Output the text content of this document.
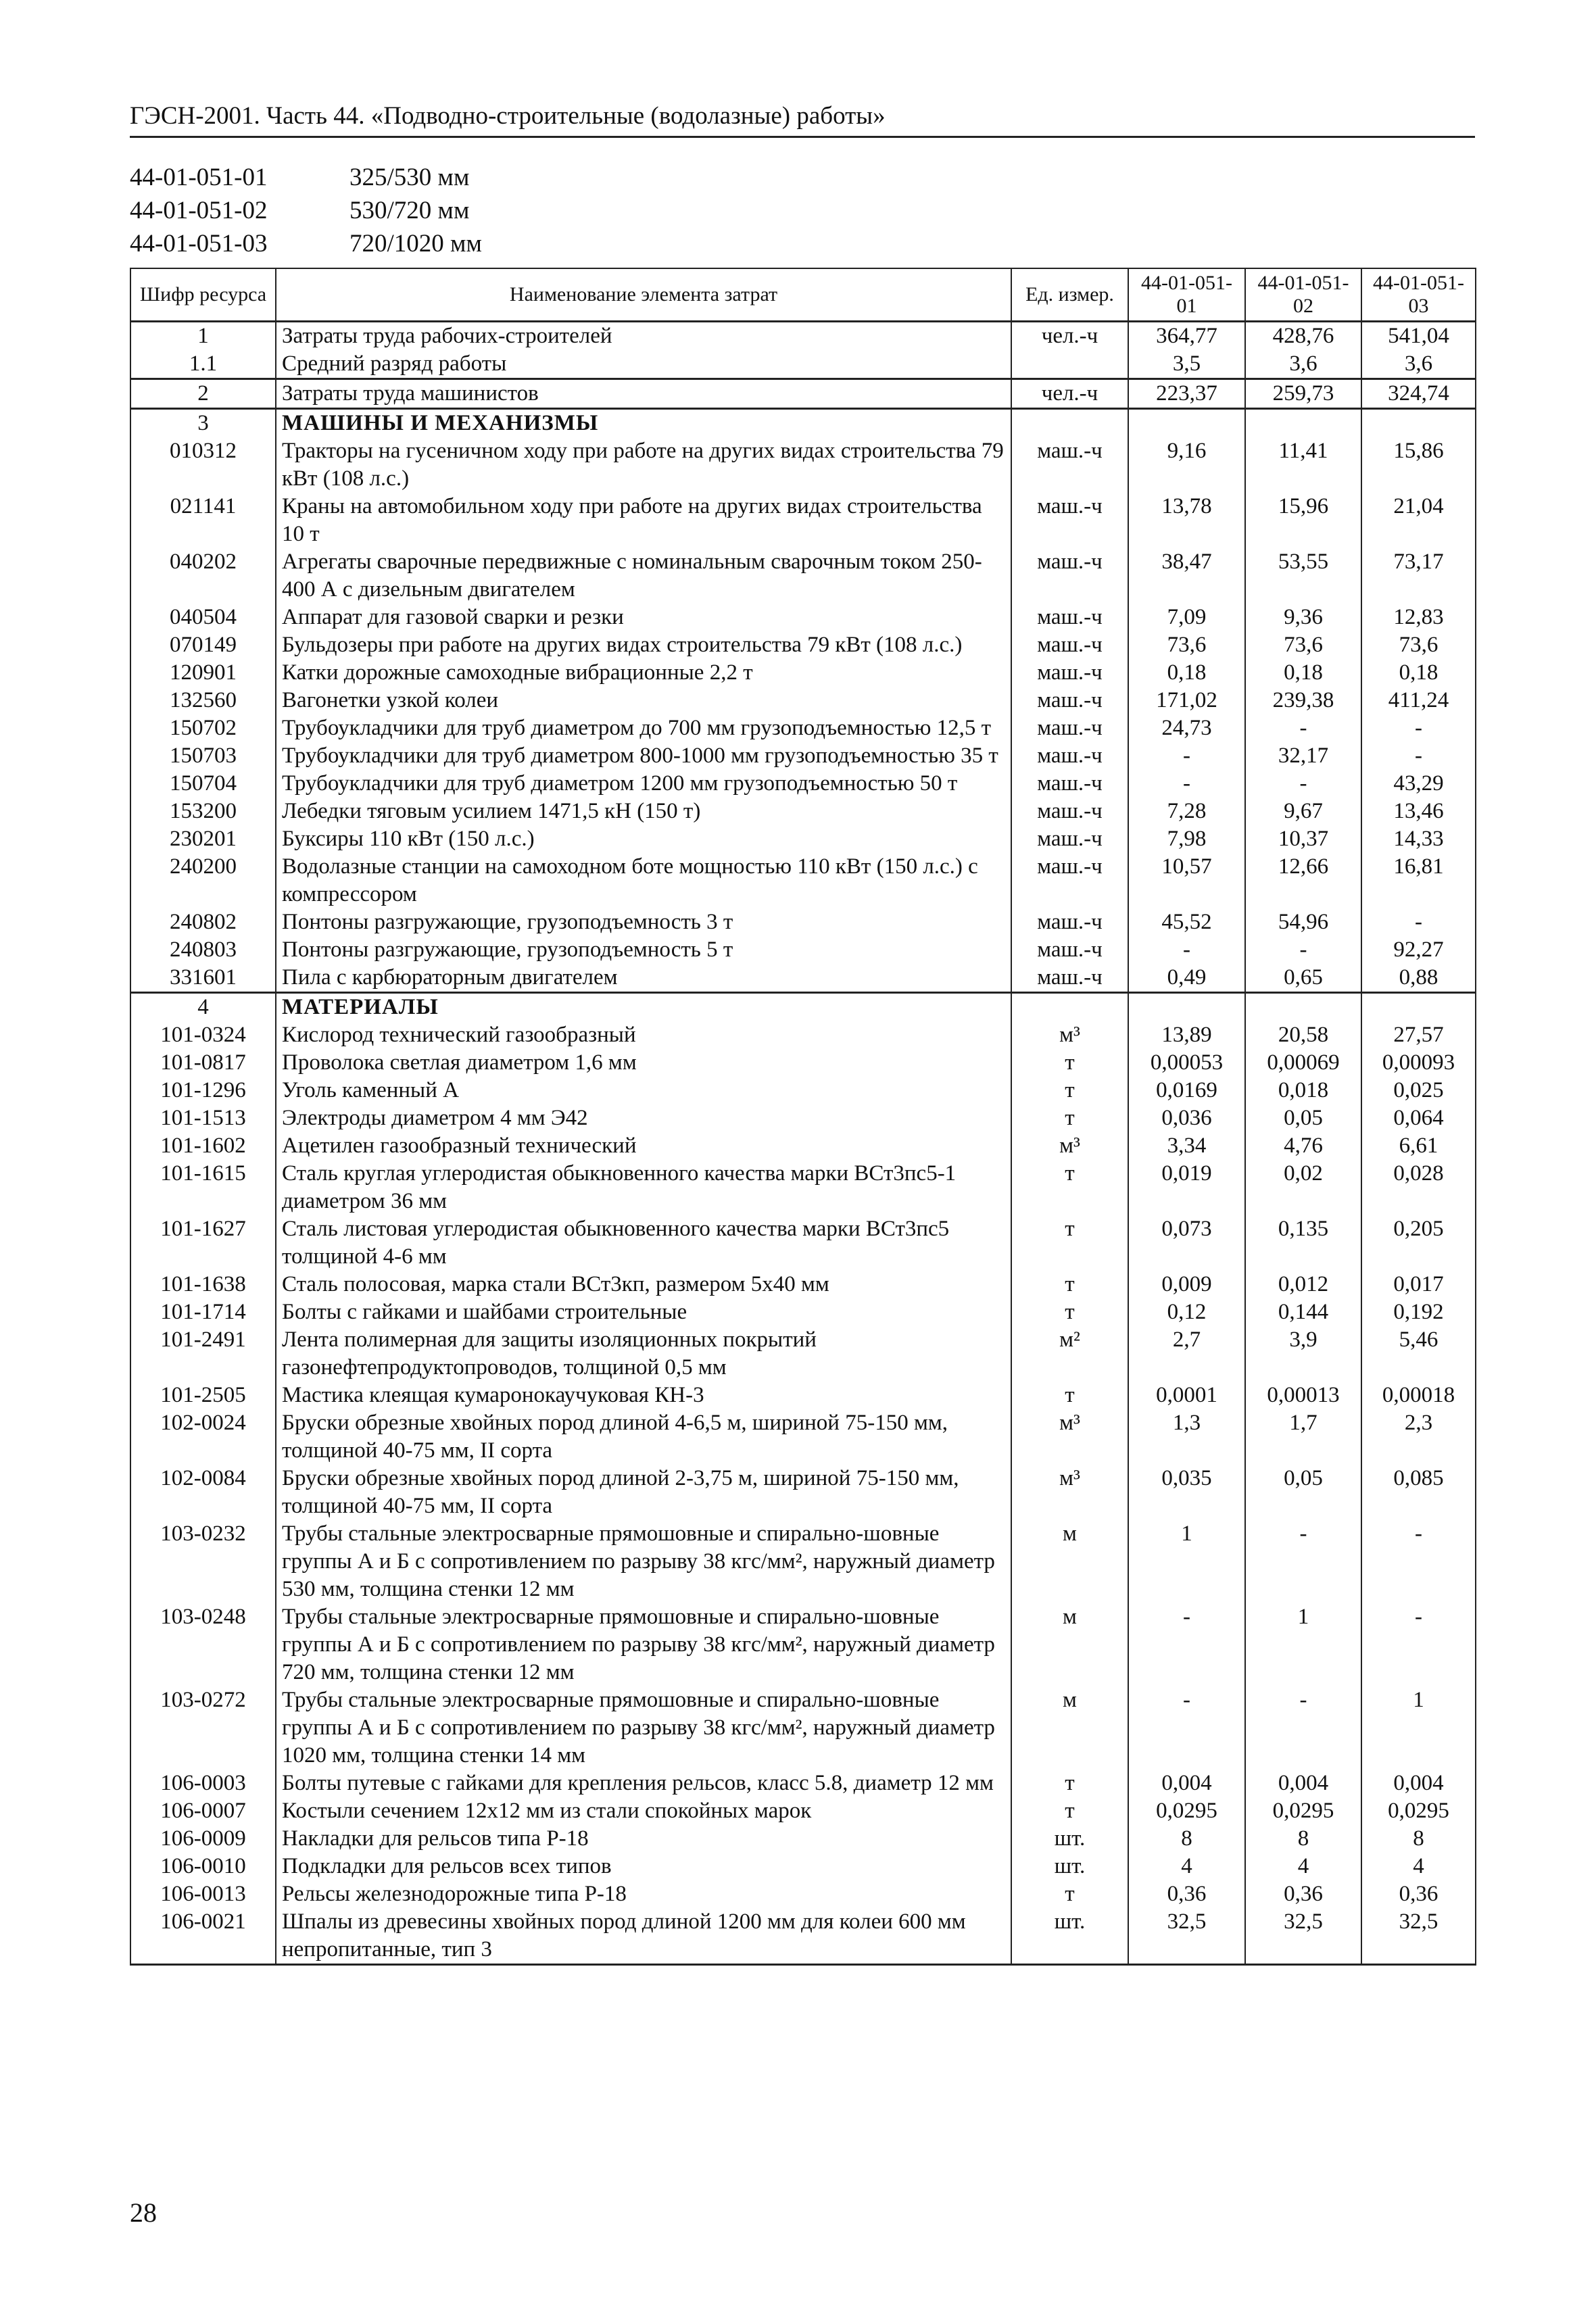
ГЭСН-2001. Часть 44. «Подводно-строительные (водолазные) работы»
44-01-051-01	325/530 мм
44-01-051-02	530/720 мм
44-01-051-03	720/1020 мм
Шифр ресурса	Наименование элемента затрат	Ед. измер.	44-01-051-01	44-01-051-02	44-01-051-03
1	Затраты труда рабочих-строителей	чел.-ч	364,77	428,76	541,04
1.1	Средний разряд работы		3,5	3,6	3,6
2	Затраты труда машинистов	чел.-ч	223,37	259,73	324,74
3	МАШИНЫ И МЕХАНИЗМЫ				
010312	Тракторы на гусеничном ходу при работе на других видах строительства 79 кВт (108 л.с.)	маш.-ч	9,16	11,41	15,86
021141	Краны на автомобильном ходу при работе на других видах строительства 10 т	маш.-ч	13,78	15,96	21,04
040202	Агрегаты сварочные передвижные с номинальным сварочным током 250-400 А с дизельным двигателем	маш.-ч	38,47	53,55	73,17
040504	Аппарат для газовой сварки и резки	маш.-ч	7,09	9,36	12,83
070149	Бульдозеры при работе на других видах строительства 79 кВт (108 л.с.)	маш.-ч	73,6	73,6	73,6
120901	Катки дорожные самоходные вибрационные 2,2 т	маш.-ч	0,18	0,18	0,18
132560	Вагонетки узкой колеи	маш.-ч	171,02	239,38	411,24
150702	Трубоукладчики для труб диаметром до 700 мм грузоподъемностью 12,5 т	маш.-ч	24,73	-	-
150703	Трубоукладчики для труб диаметром 800-1000 мм грузоподъемностью 35 т	маш.-ч	-	32,17	-
150704	Трубоукладчики для труб диаметром 1200 мм грузоподъемностью 50 т	маш.-ч	-	-	43,29
153200	Лебедки тяговым усилием 1471,5 кН (150 т)	маш.-ч	7,28	9,67	13,46
230201	Буксиры 110 кВт (150 л.с.)	маш.-ч	7,98	10,37	14,33
240200	Водолазные станции на самоходном боте мощностью 110 кВт (150 л.с.) с компрессором	маш.-ч	10,57	12,66	16,81
240802	Понтоны разгружающие, грузоподъемность 3 т	маш.-ч	45,52	54,96	-
240803	Понтоны разгружающие, грузоподъемность 5 т	маш.-ч	-	-	92,27
331601	Пила с карбюраторным двигателем	маш.-ч	0,49	0,65	0,88
4	МАТЕРИАЛЫ				
101-0324	Кислород технический газообразный	м³	13,89	20,58	27,57
101-0817	Проволока светлая диаметром 1,6 мм	т	0,00053	0,00069	0,00093
101-1296	Уголь каменный А	т	0,0169	0,018	0,025
101-1513	Электроды диаметром 4 мм Э42	т	0,036	0,05	0,064
101-1602	Ацетилен газообразный технический	м³	3,34	4,76	6,61
101-1615	Сталь круглая углеродистая обыкновенного качества марки ВСт3пс5-1 диаметром 36 мм	т	0,019	0,02	0,028
101-1627	Сталь листовая углеродистая обыкновенного качества марки ВСт3пс5 толщиной 4-6 мм	т	0,073	0,135	0,205
101-1638	Сталь полосовая, марка стали ВСт3кп, размером 5х40 мм	т	0,009	0,012	0,017
101-1714	Болты с гайками и шайбами строительные	т	0,12	0,144	0,192
101-2491	Лента полимерная для защиты изоляционных покрытий газонефтепродуктопроводов, толщиной 0,5 мм	м²	2,7	3,9	5,46
101-2505	Мастика клеящая кумаронокаучуковая КН-3	т	0,0001	0,00013	0,00018
102-0024	Бруски обрезные хвойных пород длиной 4-6,5 м, шириной 75-150 мм, толщиной 40-75 мм, II сорта	м³	1,3	1,7	2,3
102-0084	Бруски обрезные хвойных пород длиной 2-3,75 м, шириной 75-150 мм, толщиной 40-75 мм, II сорта	м³	0,035	0,05	0,085
103-0232	Трубы стальные электросварные прямошовные и спирально-шовные группы А и Б с сопротивлением по разрыву 38 кгс/мм², наружный диаметр 530 мм, толщина стенки 12 мм	м	1	-	-
103-0248	Трубы стальные электросварные прямошовные и спирально-шовные группы А и Б с сопротивлением по разрыву 38 кгс/мм², наружный диаметр 720 мм, толщина стенки 12 мм	м	-	1	-
103-0272	Трубы стальные электросварные прямошовные и спирально-шовные группы А и Б с сопротивлением по разрыву 38 кгс/мм², наружный диаметр 1020 мм, толщина стенки 14 мм	м	-	-	1
106-0003	Болты путевые с гайками для крепления рельсов, класс 5.8, диаметр 12 мм	т	0,004	0,004	0,004
106-0007	Костыли сечением 12х12 мм из стали спокойных марок	т	0,0295	0,0295	0,0295
106-0009	Накладки для рельсов типа Р-18	шт.	8	8	8
106-0010	Подкладки для рельсов всех типов	шт.	4	4	4
106-0013	Рельсы железнодорожные типа Р-18	т	0,36	0,36	0,36
106-0021	Шпалы из древесины хвойных пород длиной 1200 мм для колеи 600 мм непропитанные, тип 3	шт.	32,5	32,5	32,5
28
